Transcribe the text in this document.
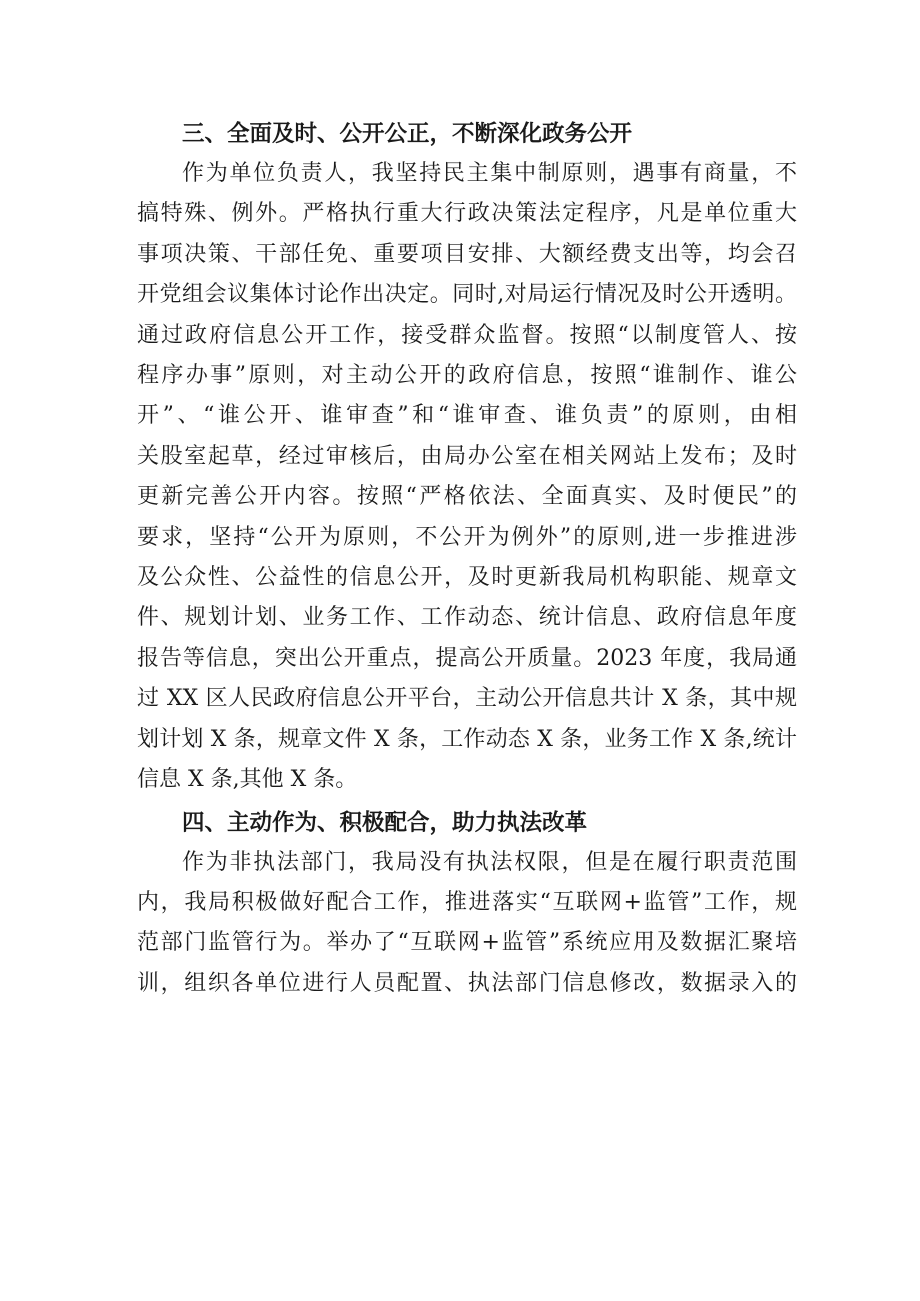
三、全面及时、公开公正，不断深化政务公开
作为单位负责人，我坚持民主集中制原则，遇事有商量，不
搞特殊、例外。严格执行重大行政决策法定程序，凡是单位重大
事项决策、干部任免、重要项目安排、大额经费支出等，均会召
开党组会议集体讨论作出决定。同时,对局运行情况及时公开透明。
通过政府信息公开工作，接受群众监督。按照“以制度管人、按
程序办事”原则，对主动公开的政府信息，按照“谁制作、谁公
开”、“谁公开、谁审查”和“谁审查、谁负责”的原则，由相
关股室起草，经过审核后，由局办公室在相关网站上发布；及时
更新完善公开内容。按照“严格依法、全面真实、及时便民”的
要求，坚持“公开为原则，不公开为例外”的原则,进一步推进涉
及公众性、公益性的信息公开，及时更新我局机构职能、规章文
件、规划计划、业务工作、工作动态、统计信息、政府信息年度
报告等信息，突出公开重点，提高公开质量。2023 年度，我局通
过 XX 区人民政府信息公开平台，主动公开信息共计 X 条，其中规
划计划 X 条，规章文件 X 条，工作动态 X 条，业务工作 X 条,统计
信息 X 条,其他 X 条。
四、主动作为、积极配合，助力执法改革
作为非执法部门，我局没有执法权限，但是在履行职责范围
内，我局积极做好配合工作，推进落实“互联网+监管”工作，规
范部门监管行为。举办了“互联网+监管”系统应用及数据汇聚培
训，组织各单位进行人员配置、执法部门信息修改，数据录入的
